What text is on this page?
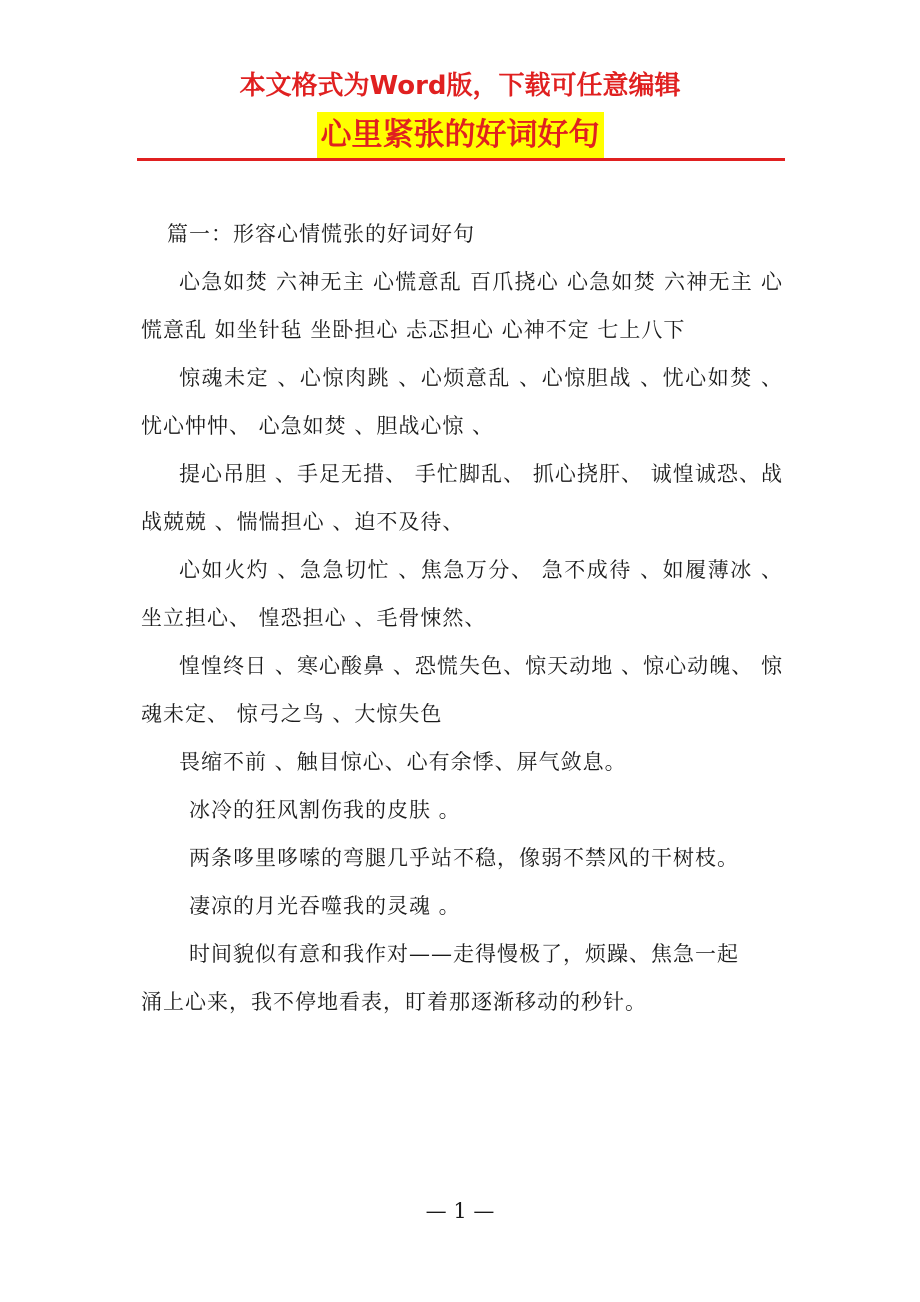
本文格式为Word版，下载可任意编辑
心里紧张的好词好句

篇一：形容心情慌张的好词好句

心急如焚 六神无主 心慌意乱 百爪挠心 心急如焚 六神无主 心慌意乱 如坐针毡 坐卧担心 忐忑担心 心神不定 七上八下

惊魂未定 、心惊肉跳 、心烦意乱 、心惊胆战 、忧心如焚 、忧心忡忡、 心急如焚 、胆战心惊 、

提心吊胆 、手足无措、 手忙脚乱、 抓心挠肝、 诚惶诚恐、战战兢兢 、惴惴担心 、迫不及待、

心如火灼 、急急切忙 、焦急万分、 急不成待 、如履薄冰 、坐立担心、 惶恐担心 、毛骨悚然、

惶惶终日 、寒心酸鼻 、恐慌失色、惊天动地 、惊心动魄、 惊魂未定、 惊弓之鸟 、大惊失色

畏缩不前 、触目惊心、心有余悸、屏气敛息。

冰冷的狂风割伤我的皮肤 。

两条哆里哆嗦的弯腿几乎站不稳，像弱不禁风的干树枝。

凄凉的月光吞噬我的灵魂 。

时间貌似有意和我作对——走得慢极了，烦躁、焦急一起

涌上心来，我不停地看表，盯着那逐渐移动的秒针。

— 1 —
